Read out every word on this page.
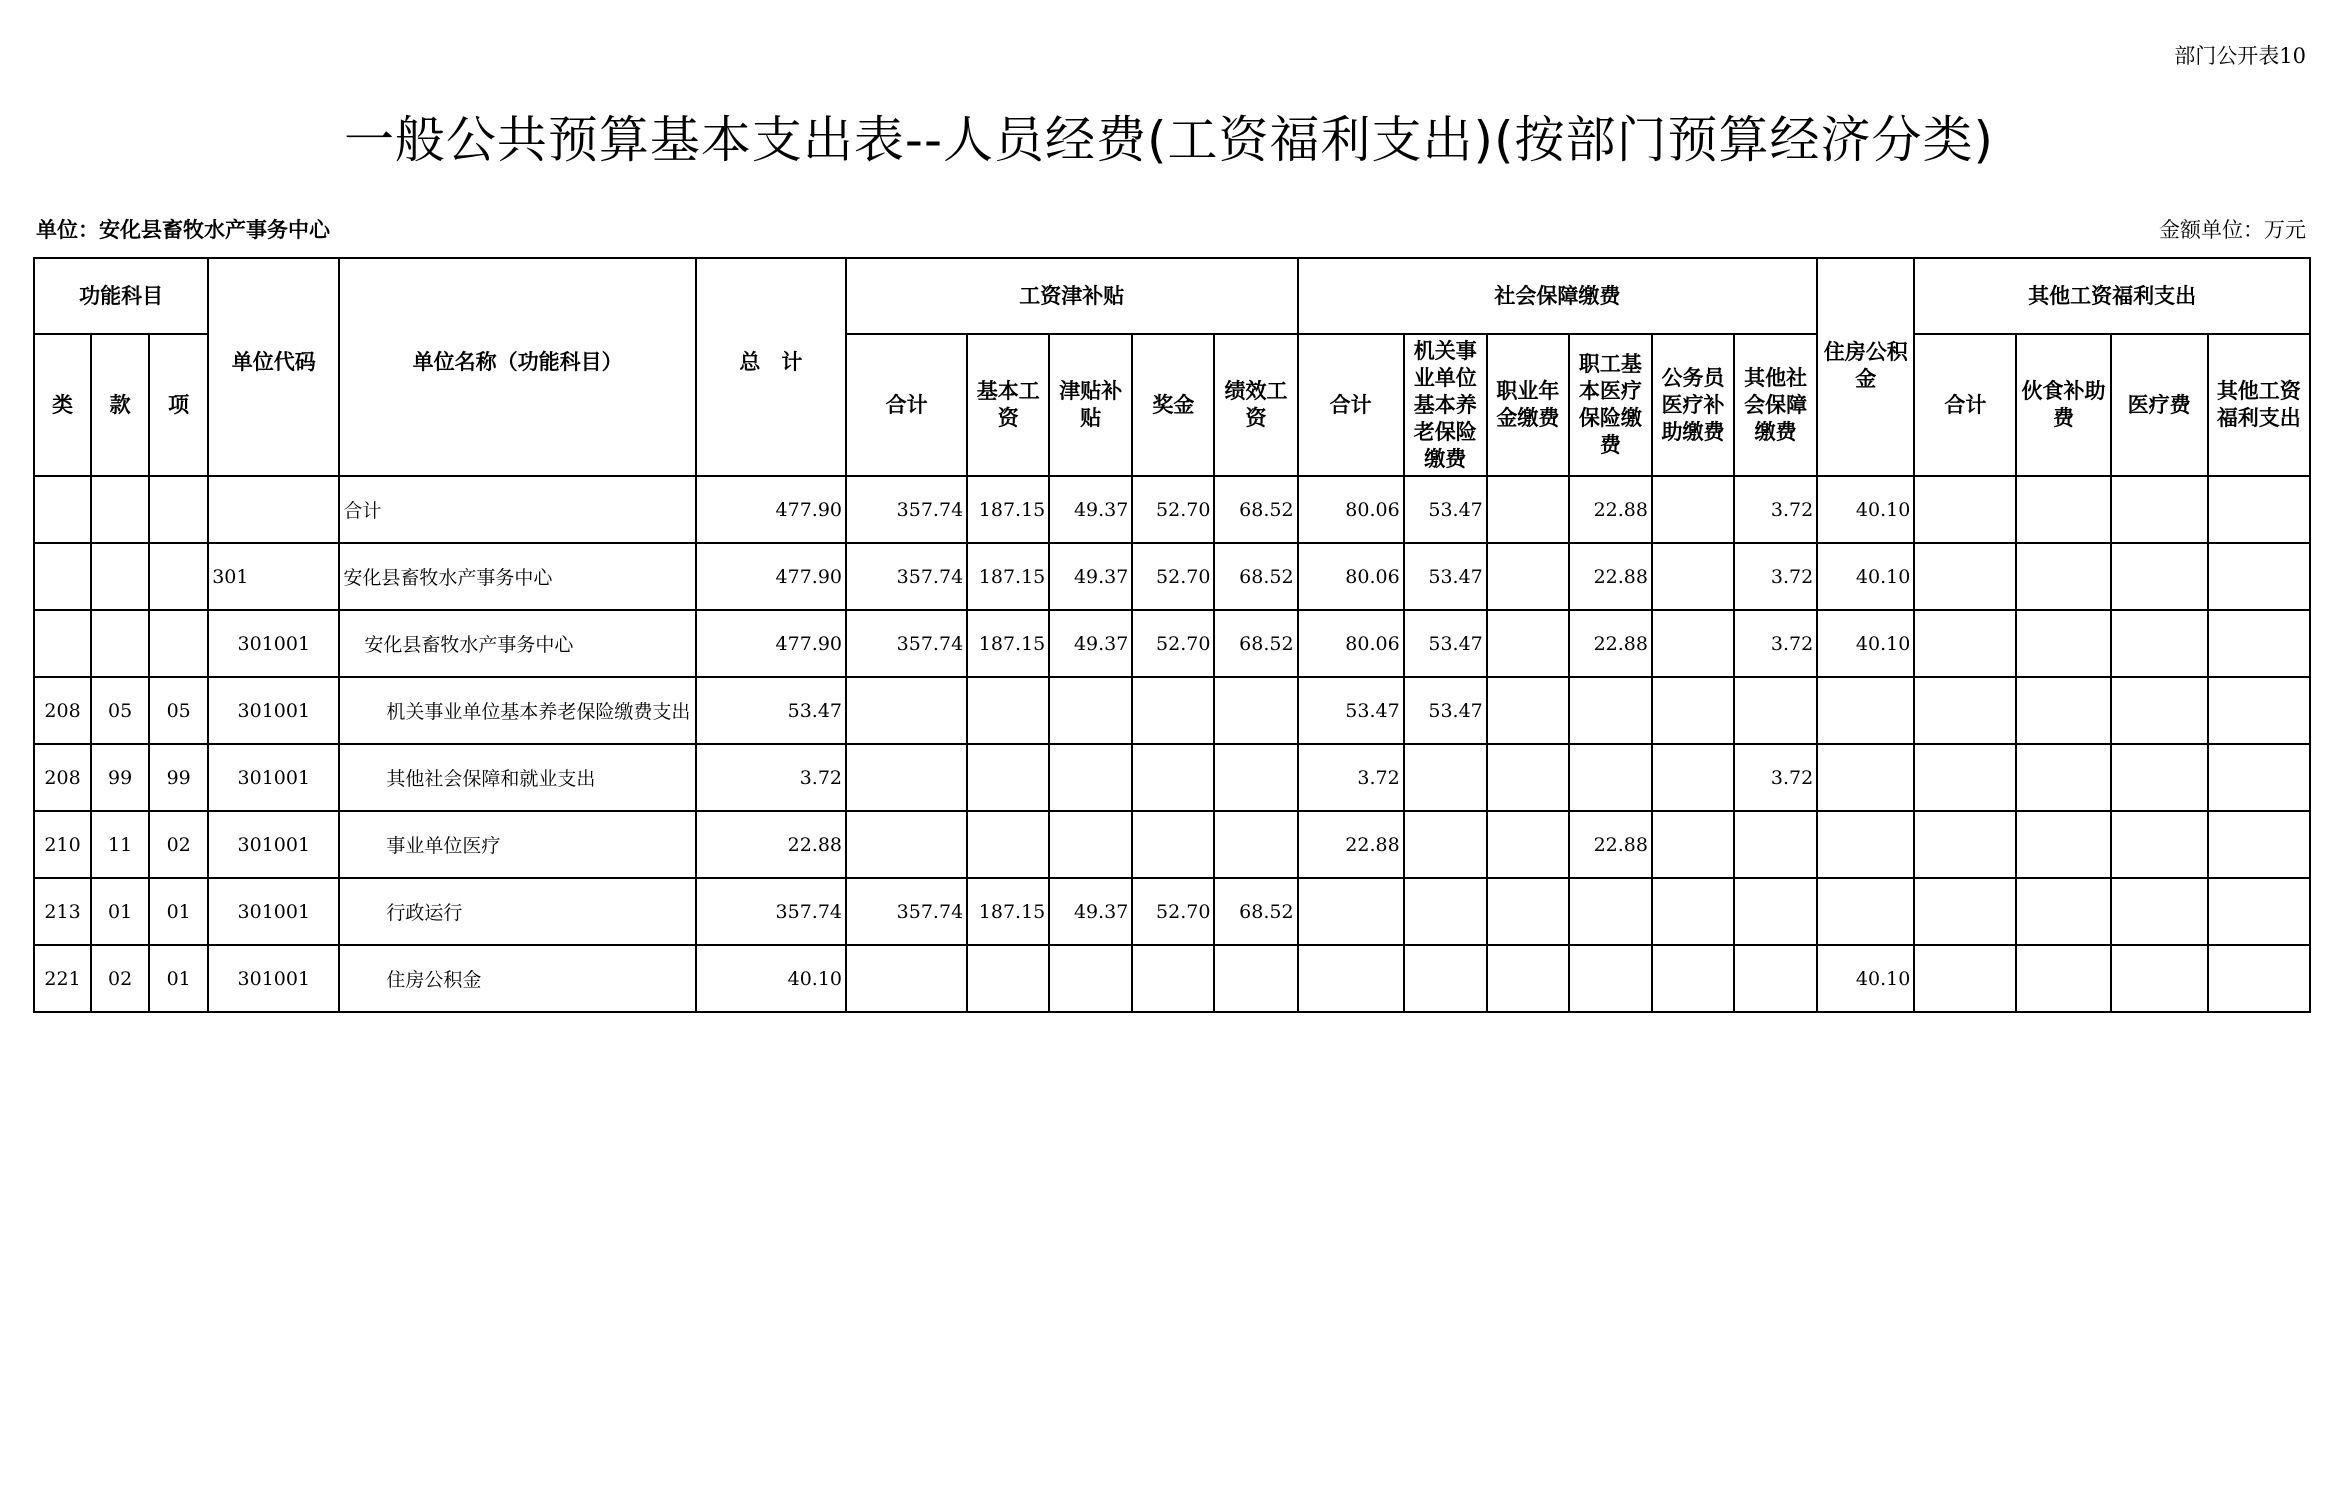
部门公开表10
一般公共预算基本支出表--人员经费(工资福利支出)(按部门预算经济分类)
单位：安化县畜牧水产事务中心	金额单位：万元
功能科目			单位代码	单位名称（功能科目）	总　计	工资津补贴					社会保障缴费						住房公积金	其他工资福利支出			
类	款	项				合计	基本工资	津贴补贴	奖金	绩效工资	合计	机关事业单位基本养老保险缴费	职业年金缴费	职工基本医疗保险缴费	公务员医疗补助缴费	其他社会保障缴费		合计	伙食补助费	医疗费	其他工资福利支出
				合计	477.90	357.74	187.15	49.37	52.70	68.52	80.06	53.47		22.88		3.72	40.10				
			301	安化县畜牧水产事务中心	477.90	357.74	187.15	49.37	52.70	68.52	80.06	53.47		22.88		3.72	40.10				
			301001	安化县畜牧水产事务中心	477.90	357.74	187.15	49.37	52.70	68.52	80.06	53.47		22.88		3.72	40.10				
208	05	05	301001	机关事业单位基本养老保险缴费支出	53.47						53.47	53.47									
208	99	99	301001	其他社会保障和就业支出	3.72						3.72					3.72					
210	11	02	301001	事业单位医疗	22.88						22.88			22.88							
213	01	01	301001	行政运行	357.74	357.74	187.15	49.37	52.70	68.52											
221	02	01	301001	住房公积金	40.10												40.10				
